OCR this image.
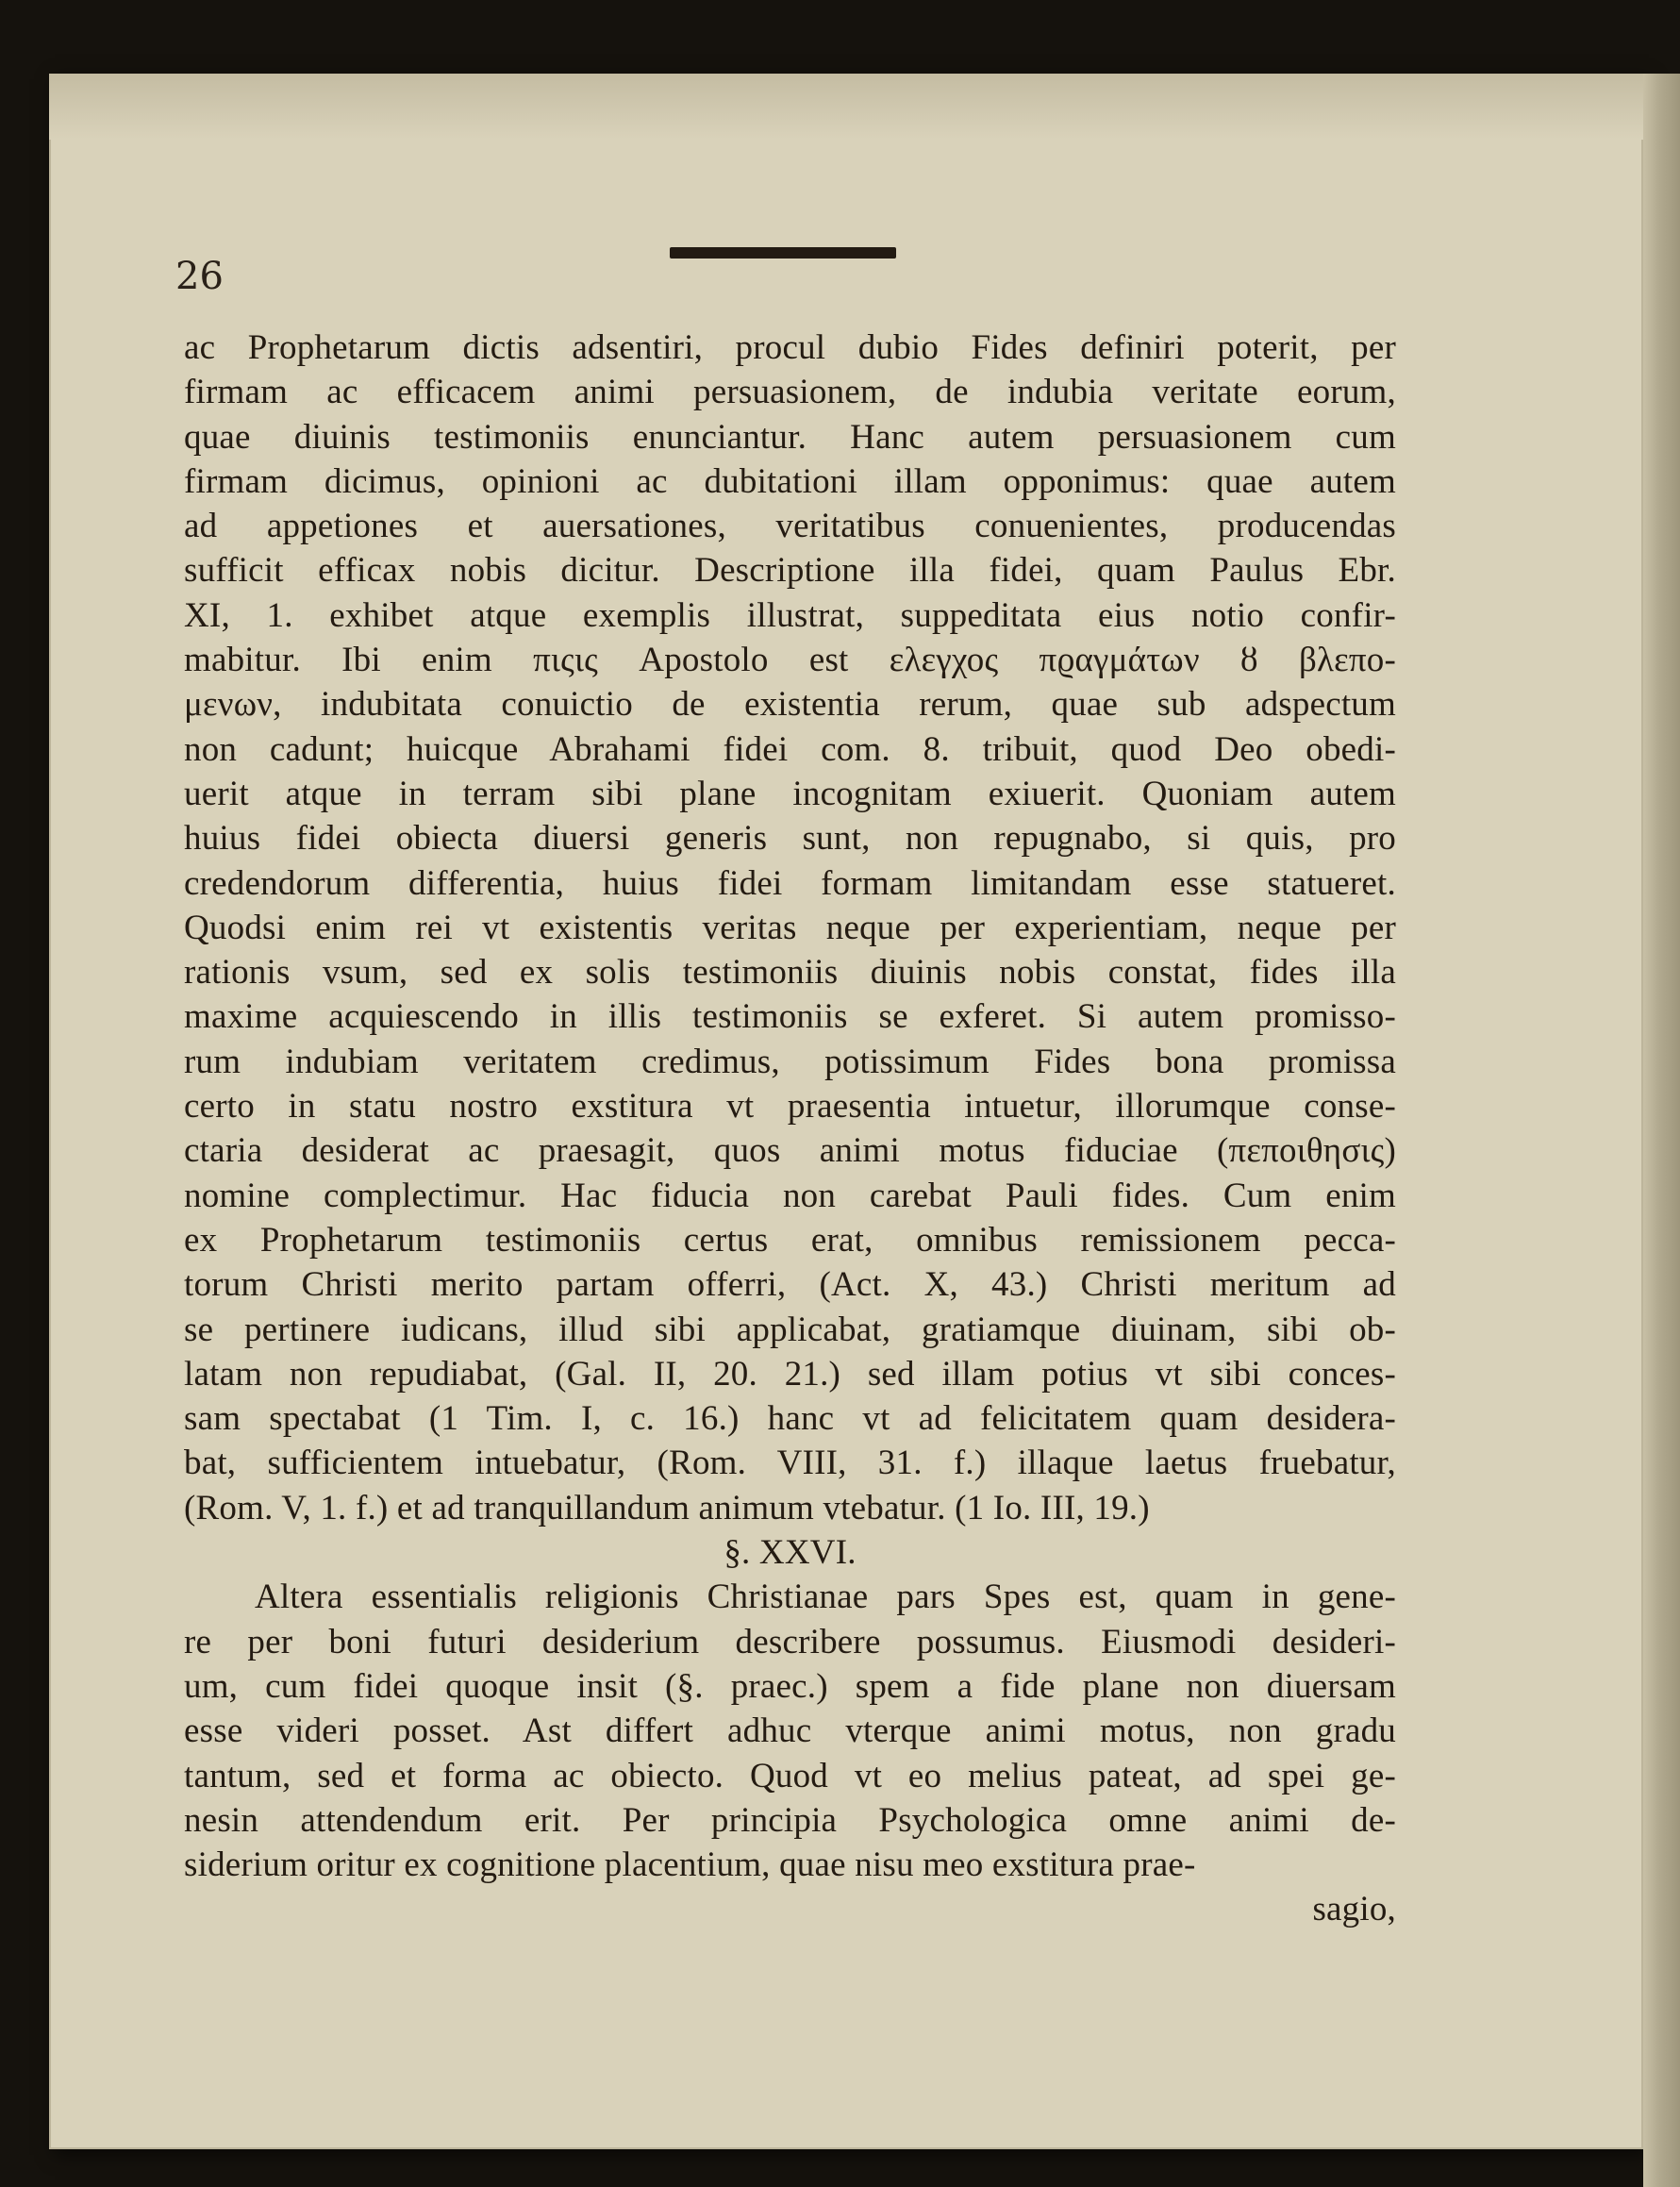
26
ac Prophetarum dictis adsentiri, procul dubio Fides definiri poterit, per
firmam ac efficacem animi persuasionem, de indubia veritate eorum,
quae diuinis testimoniis enunciantur. Hanc autem persuasionem cum
firmam dicimus, opinioni ac dubitationi illam opponimus: quae autem
ad appetiones et auersationes, veritatibus conuenientes, producendas
sufficit efficax nobis dicitur. Descriptione illa fidei, quam Paulus Ebr.
XI, 1. exhibet atque exemplis illustrat, suppeditata eius notio confir-
mabitur. Ibi enim πιςις Apostolo est ελεγχος πϱαγμάτων ȣ βλεπο-
μενων, indubitata conuictio de existentia rerum, quae sub adspectum
non cadunt; huicque Abrahami fidei com. 8. tribuit, quod Deo obedi-
uerit atque in terram sibi plane incognitam exiuerit. Quoniam autem
huius fidei obiecta diuersi generis sunt, non repugnabo, si quis, pro
credendorum differentia, huius fidei formam limitandam esse statueret.
Quodsi enim rei vt existentis veritas neque per experientiam, neque per
rationis vsum, sed ex solis testimoniis diuinis nobis constat, fides illa
maxime acquiescendo in illis testimoniis se exferet. Si autem promisso-
rum indubiam veritatem credimus, potissimum Fides bona promissa
certo in statu nostro exstitura vt praesentia intuetur, illorumque conse-
ctaria desiderat ac praesagit, quos animi motus fiduciae (πεποιθησις)
nomine complectimur. Hac fiducia non carebat Pauli fides. Cum enim
ex Prophetarum testimoniis certus erat, omnibus remissionem pecca-
torum Christi merito partam offerri, (Act. X, 43.) Christi meritum ad
se pertinere iudicans, illud sibi applicabat, gratiamque diuinam, sibi ob-
latam non repudiabat, (Gal. II, 20. 21.) sed illam potius vt sibi conces-
sam spectabat (1 Tim. I, c. 16.) hanc vt ad felicitatem quam desidera-
bat, sufficientem intuebatur, (Rom. VIII, 31. f.) illaque laetus fruebatur,
(Rom. V, 1. f.) et ad tranquillandum animum vtebatur. (1 Io. III, 19.)
§. XXVI.
Altera essentialis religionis Christianae pars Spes est, quam in gene-
re per boni futuri desiderium describere possumus. Eiusmodi desideri-
um, cum fidei quoque insit (§. praec.) spem a fide plane non diuersam
esse videri posset. Ast differt adhuc vterque animi motus, non gradu
tantum, sed et forma ac obiecto. Quod vt eo melius pateat, ad spei ge-
nesin attendendum erit. Per principia Psychologica omne animi de-
siderium oritur ex cognitione placentium, quae nisu meo exstitura prae-
sagio,
